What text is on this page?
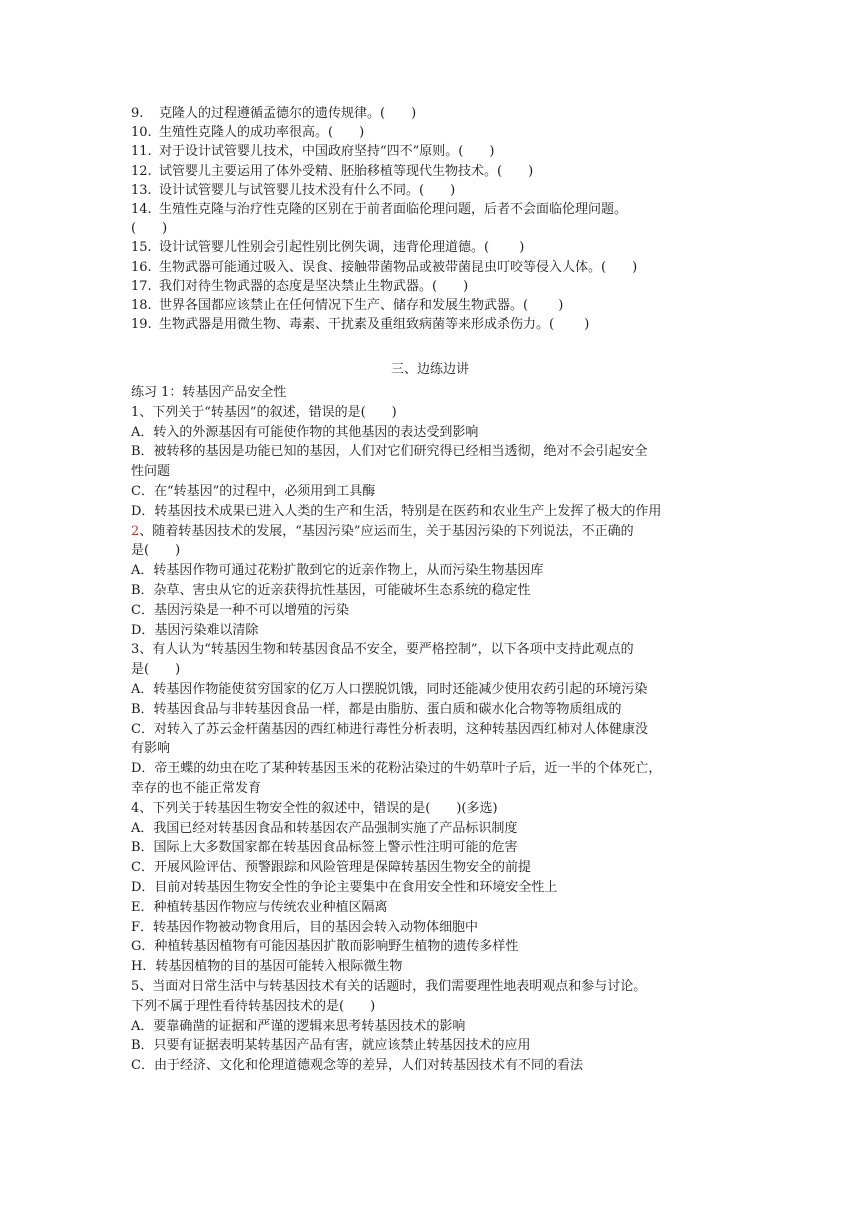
9.	克隆人的过程遵循孟德尔的遗传规律。(　　)
10. 生殖性克隆人的成功率很高。(　　)
11. 对于设计试管婴儿技术，中国政府坚持“四不”原则。(　　)
12. 试管婴儿主要运用了体外受精、胚胎移植等现代生物技术。(　　)
13. 设计试管婴儿与试管婴儿技术没有什么不同。(　　)
14. 生殖性克隆与治疗性克隆的区别在于前者面临伦理问题，后者不会面临伦理问题。
(　　)
15. 设计试管婴儿性别会引起性别比例失调，违背伦理道德。(　　 )
16. 生物武器可能通过吸入、误食、接触带菌物品或被带菌昆虫叮咬等侵入人体。(　　)
17. 我们对待生物武器的态度是坚决禁止生物武器。(　　)
18. 世界各国都应该禁止在任何情况下生产、储存和发展生物武器。(　　 )
19. 生物武器是用微生物、毒素、干扰素及重组致病菌等来形成杀伤力。(　　 )
三、边练边讲
练习 1：转基因产品安全性
1、下列关于“转基因”的叙述，错误的是(　　)
A．转入的外源基因有可能使作物的其他基因的表达受到影响
B．被转移的基因是功能已知的基因，人们对它们研究得已经相当透彻，绝对不会引起安全
性问题
C．在“转基因”的过程中，必须用到工具酶
D．转基因技术成果已进入人类的生产和生活，特别是在医药和农业生产上发挥了极大的作用
2、随着转基因技术的发展，“基因污染”应运而生，关于基因污染的下列说法，不正确的
是(　　)
A．转基因作物可通过花粉扩散到它的近亲作物上，从而污染生物基因库
B．杂草、害虫从它的近亲获得抗性基因，可能破坏生态系统的稳定性
C．基因污染是一种不可以增殖的污染
D．基因污染难以清除
3、有人认为“转基因生物和转基因食品不安全，要严格控制”，以下各项中支持此观点的
是(　　)
A．转基因作物能使贫穷国家的亿万人口摆脱饥饿，同时还能减少使用农药引起的环境污染
B．转基因食品与非转基因食品一样，都是由脂肪、蛋白质和碳水化合物等物质组成的
C．对转入了苏云金杆菌基因的西红柿进行毒性分析表明，这种转基因西红柿对人体健康没
有影响
D．帝王蝶的幼虫在吃了某种转基因玉米的花粉沾染过的牛奶草叶子后，近一半的个体死亡，
幸存的也不能正常发育
4、下列关于转基因生物安全性的叙述中，错误的是(　　)(多选)
A．我国已经对转基因食品和转基因农产品强制实施了产品标识制度
B．国际上大多数国家都在转基因食品标签上警示性注明可能的危害
C．开展风险评估、预警跟踪和风险管理是保障转基因生物安全的前提
D．目前对转基因生物安全性的争论主要集中在食用安全性和环境安全性上
E．种植转基因作物应与传统农业种植区隔离
F．转基因作物被动物食用后，目的基因会转入动物体细胞中
G．种植转基因植物有可能因基因扩散而影响野生植物的遗传多样性
H．转基因植物的目的基因可能转入根际微生物
5、当面对日常生活中与转基因技术有关的话题时，我们需要理性地表明观点和参与讨论。
下列不属于理性看待转基因技术的是(　　)
A．要靠确凿的证据和严谨的逻辑来思考转基因技术的影响
B．只要有证据表明某转基因产品有害，就应该禁止转基因技术的应用
C．由于经济、文化和伦理道德观念等的差异，人们对转基因技术有不同的看法
